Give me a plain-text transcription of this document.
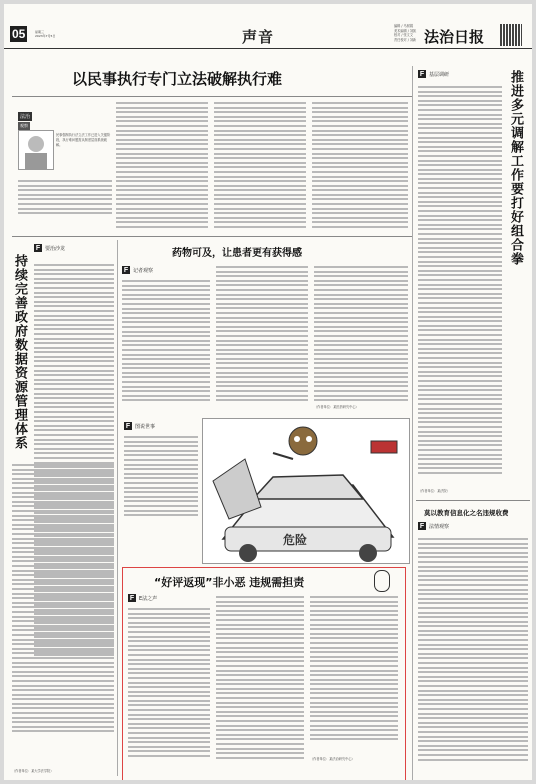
05	星期三
2023年7月5日	声音
编辑 / 马树娟
美术编辑 / 刘凯
校对 / 张文文
责任校对 / 刘新 法治日报
以民事执行专门立法破解执行难
法治
观察
民事强制执行法立法工作已进入关键阶段，执行难问题需从制度层面系统破解。
F 要治沙龙
持续完善政府数据资源管理体系
（作者单位：某大学法学院）
药物可及，让患者更有获得感
F 记者观察
（作者单位：某医药研究中心）
F 图说世事
危险
“好评返现”非小恶 违规需担责
F E法之声
（作者单位：某法治研究中心）
F 基层调研	推进多元调解工作要打好组合拳
（作者单位：某法院）
莫以教育信息化之名违规收费
F 法情观察
